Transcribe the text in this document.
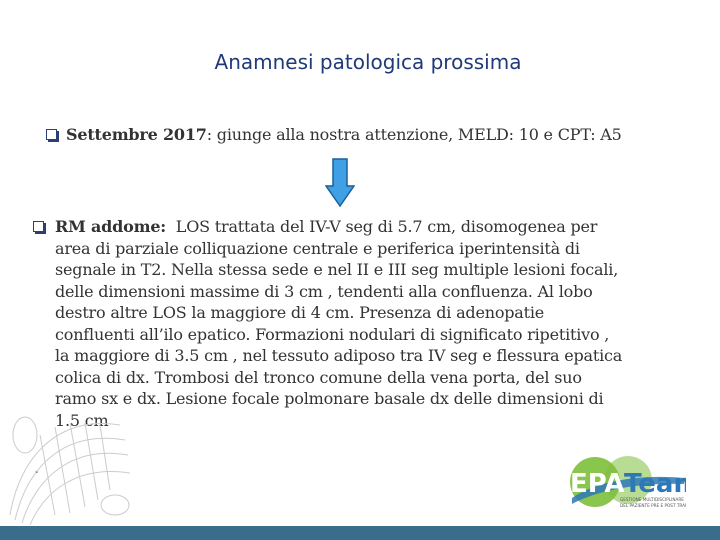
Anamnesi patologica prossima
Settembre 2017: giunge alla nostra attenzione, MELD: 10 e CPT: A5
RM addome: LOS trattata del IV-V seg di 5.7 cm, disomogenea per
area di parziale colliquazione centrale e periferica iperintensità di
segnale in T2. Nella stessa sede e nel II e III seg multiple lesioni focali,
delle dimensioni massime di 3 cm , tendenti alla confluenza. Al lobo
destro altre LOS la maggiore di 4 cm. Presenza di adenopatie
confluenti all’ilo epatico. Formazioni nodulari di significato ripetitivo ,
la maggiore di 3.5 cm , nel tessuto adiposo tra IV seg e flessura epatica
colica di dx. Trombosi del tronco comune della vena porta, del suo
ramo sx e dx. Lesione focale polmonare basale dx delle dimensioni di
1.5 cm
.
EPA Tea
GESTIONE MULTIDISCIPLINARE
DEL PAZIENTE PRE E POST TRA
